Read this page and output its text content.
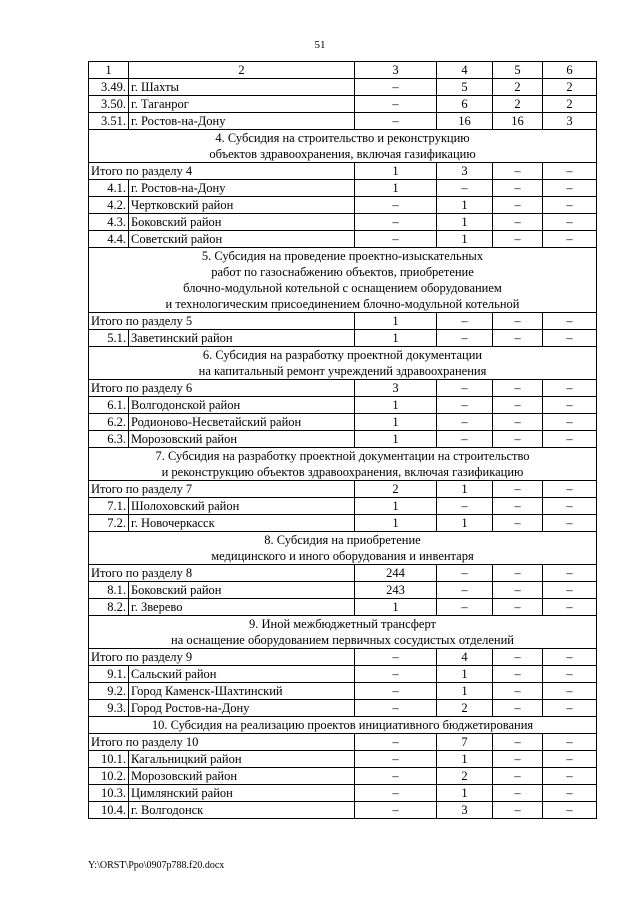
51
1	2	3	4	5	6
3.49.	г. Шахты	–	5	2	2
3.50.	г. Таганрог	–	6	2	2
3.51.	г. Ростов-на-Дону	–	16	16	3

4. Субсидия на строительство и реконструкцию
объектов здравоохранения, включая газификацию					

Итого по разделу 4		1	3	–	–
4.1.	г. Ростов-на-Дону	1	–	–	–
4.2.	Чертковский район	–	1	–	–
4.3.	Боковский район	–	1	–	–
4.4.	Советский район	–	1	–	–

5. Субсидия на проведение проектно-изыскательных
работ по газоснабжению объектов, приобретение
блочно-модульной котельной с оснащением оборудованием
и технологическим присоединением блочно-модульной котельной					

Итого по разделу 5		1	–	–	–
5.1.	Заветинский район	1	–	–	–

6. Субсидия на разработку проектной документации
на капитальный ремонт учреждений здравоохранения					

Итого по разделу 6		3	–	–	–
6.1.	Волгодонской район	1	–	–	–
6.2.	Родионово-Несветайский район	1	–	–	–
6.3.	Морозовский район	1	–	–	–

7. Субсидия на разработку проектной документации на строительство
и реконструкцию объектов здравоохранения, включая газификацию					

Итого по разделу 7		2	1	–	–
7.1.	Шолоховский район	1	–	–	–
7.2.	г. Новочеркасск	1	1	–	–

8. Субсидия на приобретение
медицинского и иного оборудования и инвентаря					

Итого по разделу 8		244	–	–	–
8.1.	Боковский район	243	–	–	–
8.2.	г. Зверево	1	–	–	–

9. Иной межбюджетный трансферт
на оснащение оборудованием первичных сосудистых отделений					

Итого по разделу 9		–	4	–	–
9.1.	Сальский район	–	1	–	–
9.2.	Город Каменск-Шахтинский	–	1	–	–
9.3.	Город Ростов-на-Дону	–	2	–	–

10. Субсидия на реализацию проектов инициативного бюджетирования					

Итого по разделу 10		–	7	–	–
10.1.	Кагальницкий район	–	1	–	–
10.2.	Морозовский район	–	2	–	–
10.3.	Цимлянский район	–	1	–	–
10.4.	г. Волгодонск	–	3	–	–
Y:\ORST\Ppo\0907p788.f20.docx
